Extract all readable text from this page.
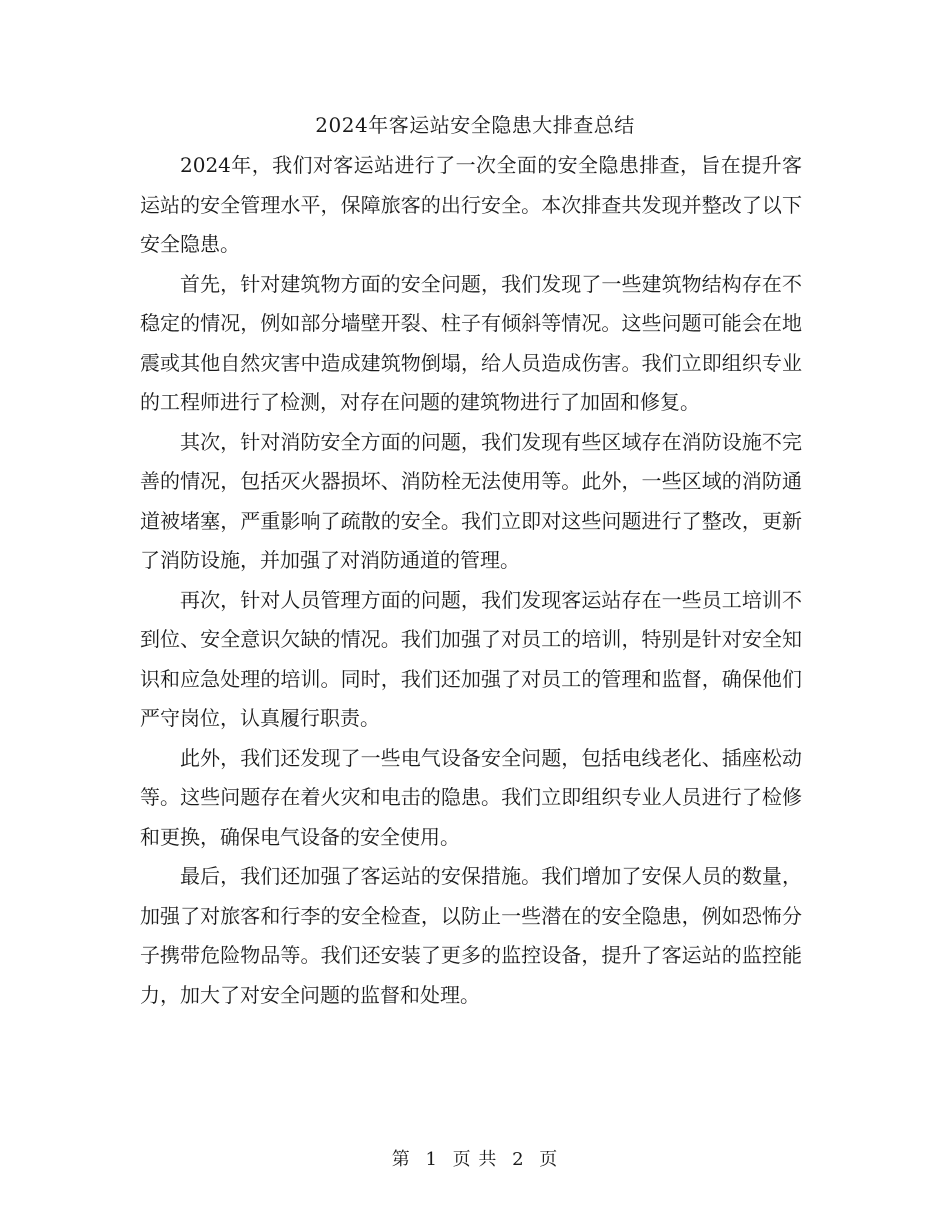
2024年客运站安全隐患大排查总结

2024年，我们对客运站进行了一次全面的安全隐患排查，旨在提升客运站的安全管理水平，保障旅客的出行安全。本次排查共发现并整改了以下安全隐患。

首先，针对建筑物方面的安全问题，我们发现了一些建筑物结构存在不稳定的情况，例如部分墙壁开裂、柱子有倾斜等情况。这些问题可能会在地震或其他自然灾害中造成建筑物倒塌，给人员造成伤害。我们立即组织专业的工程师进行了检测，对存在问题的建筑物进行了加固和修复。

其次，针对消防安全方面的问题，我们发现有些区域存在消防设施不完善的情况，包括灭火器损坏、消防栓无法使用等。此外，一些区域的消防通道被堵塞，严重影响了疏散的安全。我们立即对这些问题进行了整改，更新了消防设施，并加强了对消防通道的管理。

再次，针对人员管理方面的问题，我们发现客运站存在一些员工培训不到位、安全意识欠缺的情况。我们加强了对员工的培训，特别是针对安全知识和应急处理的培训。同时，我们还加强了对员工的管理和监督，确保他们严守岗位，认真履行职责。

此外，我们还发现了一些电气设备安全问题，包括电线老化、插座松动等。这些问题存在着火灾和电击的隐患。我们立即组织专业人员进行了检修和更换，确保电气设备的安全使用。

最后，我们还加强了客运站的安保措施。我们增加了安保人员的数量，加强了对旅客和行李的安全检查，以防止一些潜在的安全隐患，例如恐怖分子携带危险物品等。我们还安装了更多的监控设备，提升了客运站的监控能力，加大了对安全问题的监督和处理。

第 1 页 共 2 页
